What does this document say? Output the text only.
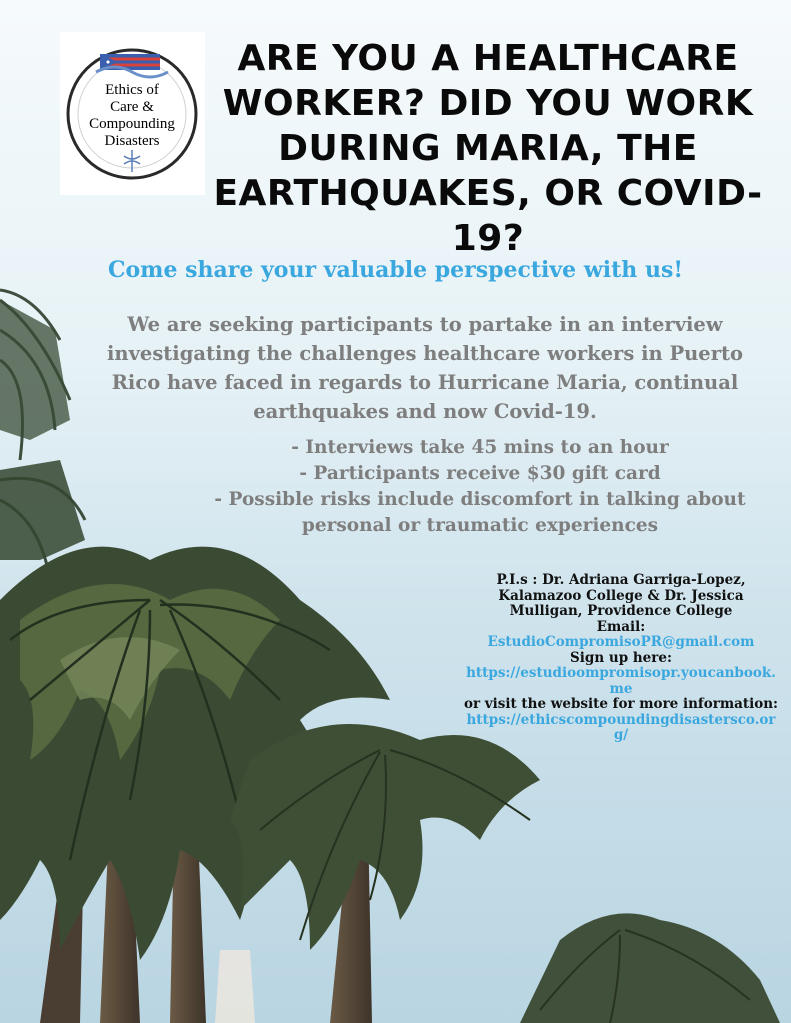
Ethics of
Care &
Compounding
Disasters
ARE YOU A HEALTHCARE WORKER? DID YOU WORK DURING MARIA, THE EARTHQUAKES, OR COVID-19?
Come share your valuable perspective with us!

We are seeking participants to partake in an interview investigating the challenges healthcare workers in Puerto Rico have faced in regards to Hurricane Maria, continual earthquakes and now Covid-19.

- Interviews take 45 mins to an hour
- Participants receive $30 gift card
- Possible risks include discomfort in talking about personal or traumatic experiences
P.I.s : Dr. Adriana Garriga-Lopez, Kalamazoo College & Dr. Jessica Mulligan, Providence College
Email:
EstudioCompromisoPR@gmail.com
Sign up here:
https://estudioompromisopr.youcanbook.me
or visit the website for more information:
https://ethicscompoundingdisastersco.org/
